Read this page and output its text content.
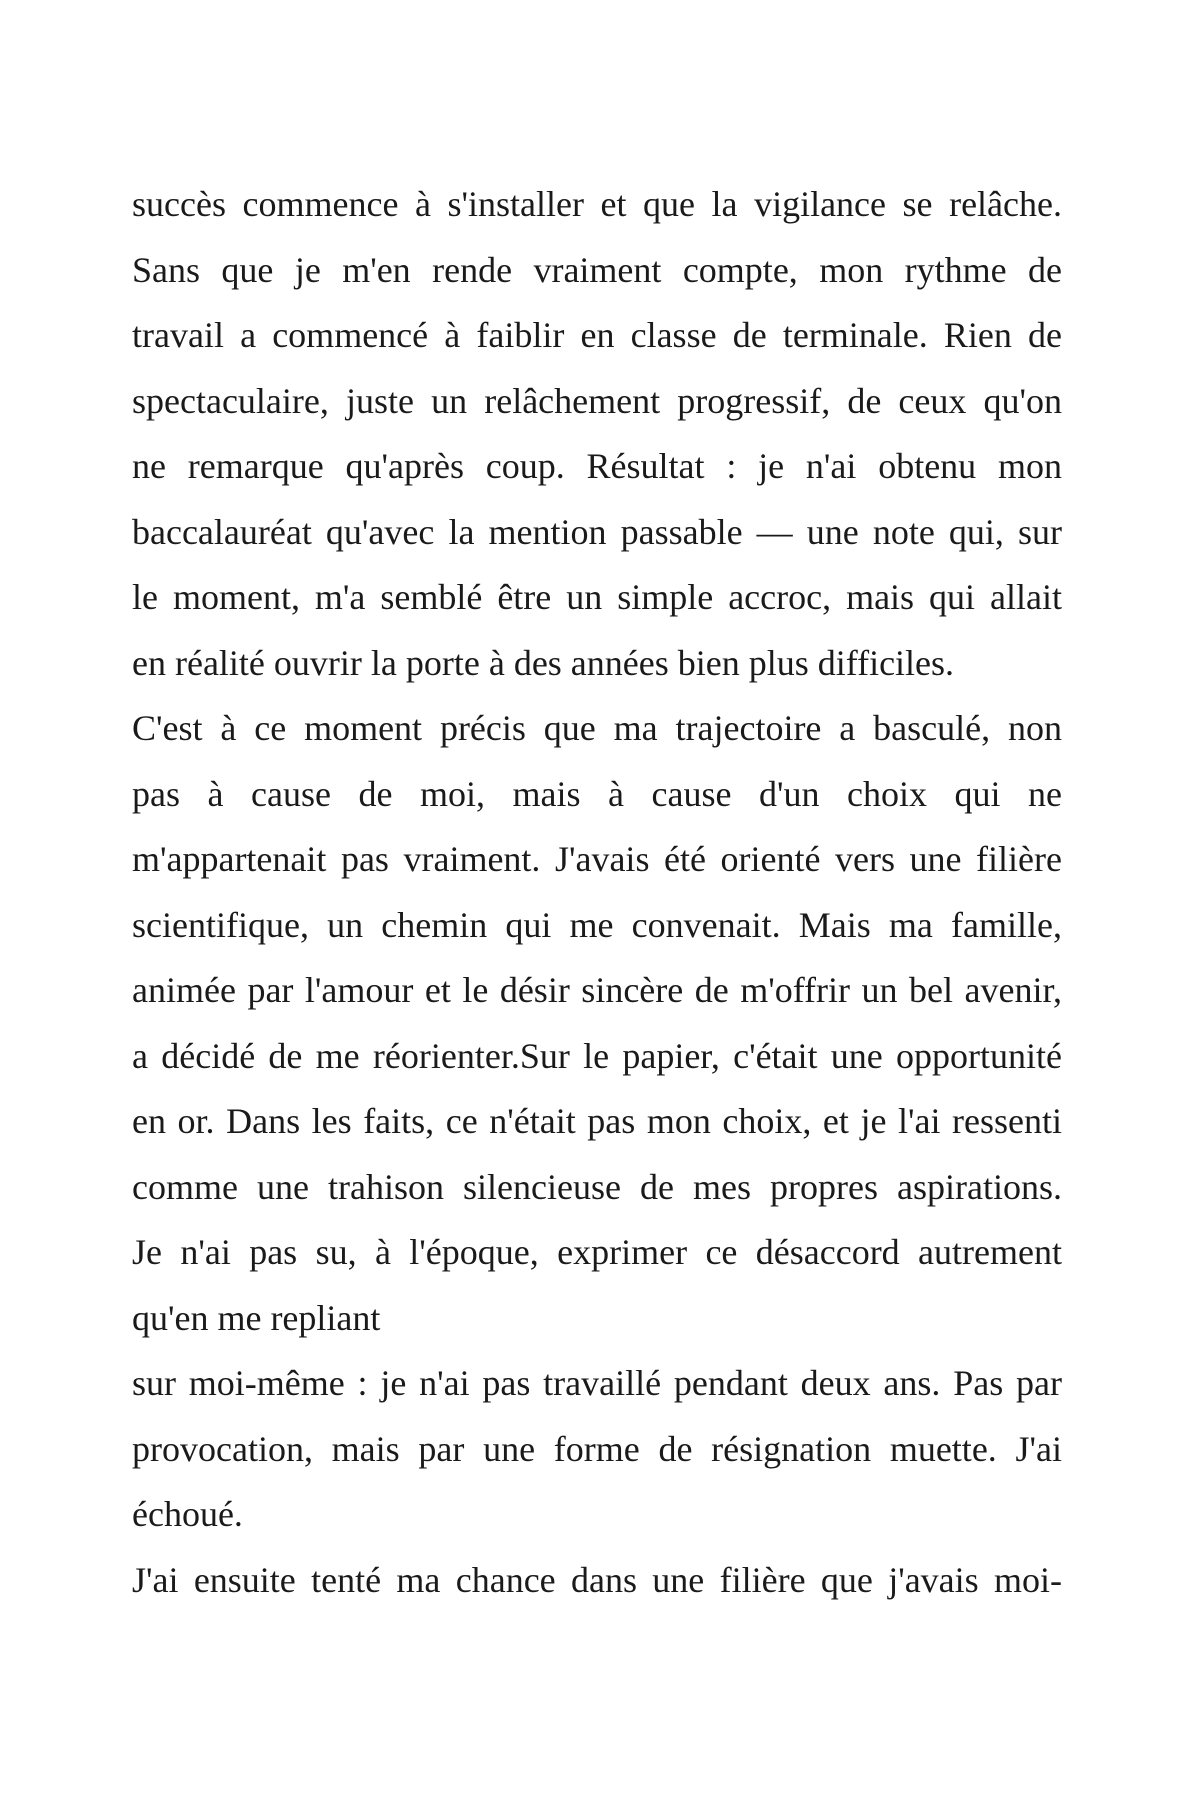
succès commence à s'installer et que la vigilance se relâche.
Sans que je m'en rende vraiment compte, mon rythme de
travail a commencé à faiblir en classe de terminale. Rien de
spectaculaire, juste un relâchement progressif, de ceux qu'on
ne remarque qu'après coup. Résultat : je n'ai obtenu mon
baccalauréat qu'avec la mention passable — une note qui, sur
le moment, m'a semblé être un simple accroc, mais qui allait
en réalité ouvrir la porte à des années bien plus difficiles.
C'est à ce moment précis que ma trajectoire a basculé, non
pas à cause de moi, mais à cause d'un choix qui ne
m'appartenait pas vraiment. J'avais été orienté vers une filière
scientifique, un chemin qui me convenait. Mais ma famille,
animée par l'amour et le désir sincère de m'offrir un bel avenir,
a décidé de me réorienter.Sur le papier, c'était une opportunité
en or. Dans les faits, ce n'était pas mon choix, et je l'ai ressenti
comme une trahison silencieuse de mes propres aspirations.
Je n'ai pas su, à l'époque, exprimer ce désaccord autrement
qu'en me repliant
sur moi-même : je n'ai pas travaillé pendant deux ans. Pas par
provocation, mais par une forme de résignation muette. J'ai
échoué.
J'ai ensuite tenté ma chance dans une filière que j'avais moi-
